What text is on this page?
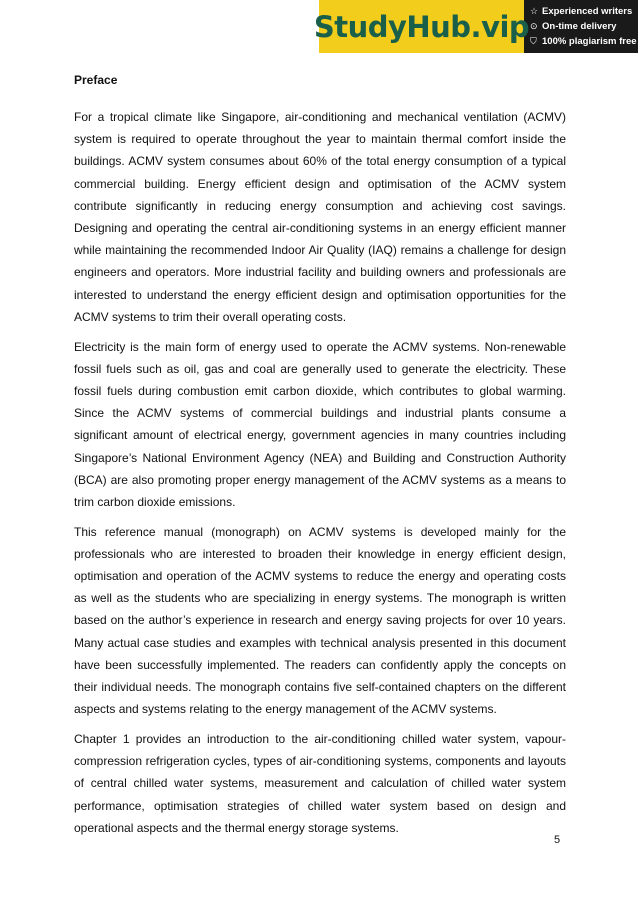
StudyHub.vip ☆ Experienced writers
⊙ On-time delivery
⛉ 100% plagiarism free
Preface

For a tropical climate like Singapore, air-conditioning and mechanical ventilation (ACMV) system is required to operate throughout the year to maintain thermal comfort inside the buildings. ACMV system consumes about 60% of the total energy consumption of a typical commercial building. Energy efficient design and optimisation of the ACMV system contribute significantly in reducing energy consumption and achieving cost savings. Designing and operating the central air-conditioning systems in an energy efficient manner while maintaining the recommended Indoor Air Quality (IAQ) remains a challenge for design engineers and operators. More industrial facility and building owners and professionals are interested to understand the energy efficient design and optimisation opportunities for the ACMV systems to trim their overall operating costs.

Electricity is the main form of energy used to operate the ACMV systems. Non-renewable fossil fuels such as oil, gas and coal are generally used to generate the electricity. These fossil fuels during combustion emit carbon dioxide, which contributes to global warming. Since the ACMV systems of commercial buildings and industrial plants consume a significant amount of electrical energy, government agencies in many countries including Singapore’s National Environment Agency (NEA) and Building and Construction Authority (BCA) are also promoting proper energy management of the ACMV systems as a means to trim carbon dioxide emissions.

This reference manual (monograph) on ACMV systems is developed mainly for the professionals who are interested to broaden their knowledge in energy efficient design, optimisation and operation of the ACMV systems to reduce the energy and operating costs as well as the students who are specializing in energy systems. The monograph is written based on the author’s experience in research and energy saving projects for over 10 years. Many actual case studies and examples with technical analysis presented in this document have been successfully implemented. The readers can confidently apply the concepts on their individual needs. The monograph contains five self-contained chapters on the different aspects and systems relating to the energy management of the ACMV systems.

Chapter 1 provides an introduction to the air-conditioning chilled water system, vapour-compression refrigeration cycles, types of air-conditioning systems, components and layouts of central chilled water systems, measurement and calculation of chilled water system performance, optimisation strategies of chilled water system based on design and operational aspects and the thermal energy storage systems.

5
